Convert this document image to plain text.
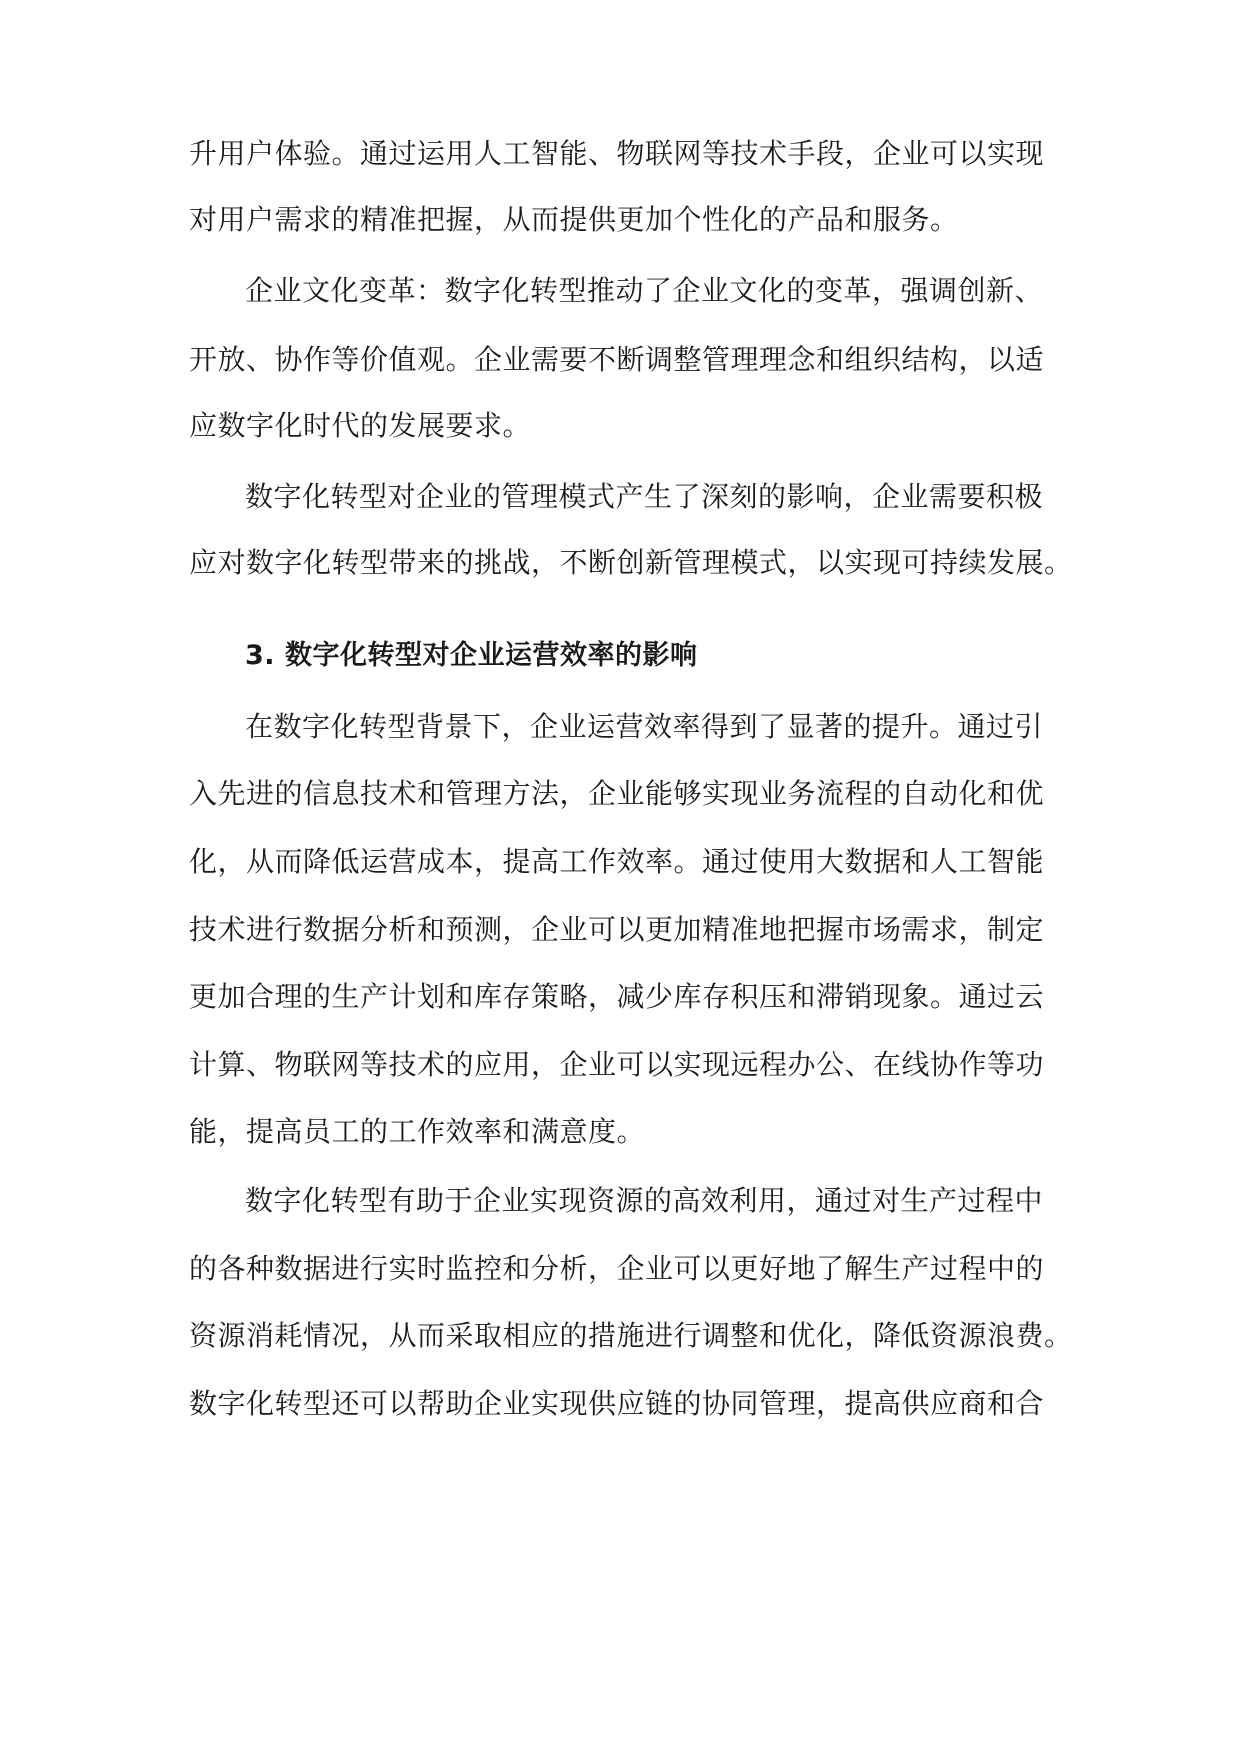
升用户体验。通过运用人工智能、物联网等技术手段，企业可以实现
对用户需求的精准把握，从而提供更加个性化的产品和服务。
企业文化变革：数字化转型推动了企业文化的变革，强调创新、
开放、协作等价值观。企业需要不断调整管理理念和组织结构，以适
应数字化时代的发展要求。
数字化转型对企业的管理模式产生了深刻的影响，企业需要积极
应对数字化转型带来的挑战，不断创新管理模式，以实现可持续发展。
3. 数字化转型对企业运营效率的影响
在数字化转型背景下，企业运营效率得到了显著的提升。通过引
入先进的信息技术和管理方法，企业能够实现业务流程的自动化和优
化，从而降低运营成本，提高工作效率。通过使用大数据和人工智能
技术进行数据分析和预测，企业可以更加精准地把握市场需求，制定
更加合理的生产计划和库存策略，减少库存积压和滞销现象。通过云
计算、物联网等技术的应用，企业可以实现远程办公、在线协作等功
能，提高员工的工作效率和满意度。
数字化转型有助于企业实现资源的高效利用，通过对生产过程中
的各种数据进行实时监控和分析，企业可以更好地了解生产过程中的
资源消耗情况，从而采取相应的措施进行调整和优化，降低资源浪费。
数字化转型还可以帮助企业实现供应链的协同管理，提高供应商和合
